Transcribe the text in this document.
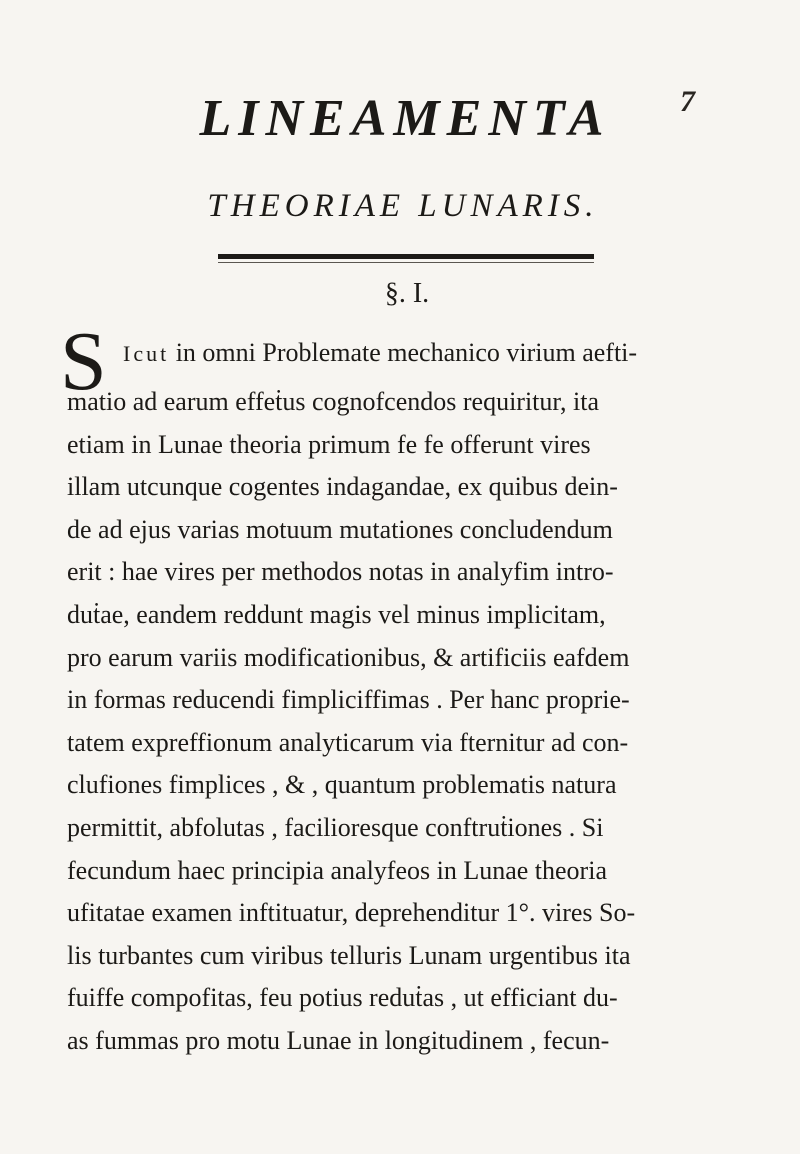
7
LINEAMENTA
THEORIAE LUNARIS.
§. I.
S Icut in omni Problemate mechanico virium aefti-
matio ad earum effeṫus cognofcendos requiritur, ita
etiam in Lunae theoria primum fe fe offerunt vires
illam utcunque cogentes indagandae, ex quibus dein-
de ad ejus varias motuum mutationes concludendum
erit : hae vires per methodos notas in analyfim intro-
duṫae, eandem reddunt magis vel minus implicitam,
pro earum variis modificationibus, & artificiis eafdem
in formas reducendi fimpliciffimas . Per hanc proprie-
tatem expreffionum analyticarum via fternitur ad con-
clufiones fimplices , & , quantum problematis natura
permittit, abfolutas , facilioresque conftruṫiones . Si
fecundum haec principia analyfeos in Lunae theoria
ufitatae examen inftituatur, deprehenditur 1°. vires So-
lis turbantes cum viribus telluris Lunam urgentibus ita
fuiffe compofitas, feu potius reduṫas , ut efficiant du-
as fummas pro motu Lunae in longitudinem , fecun-
